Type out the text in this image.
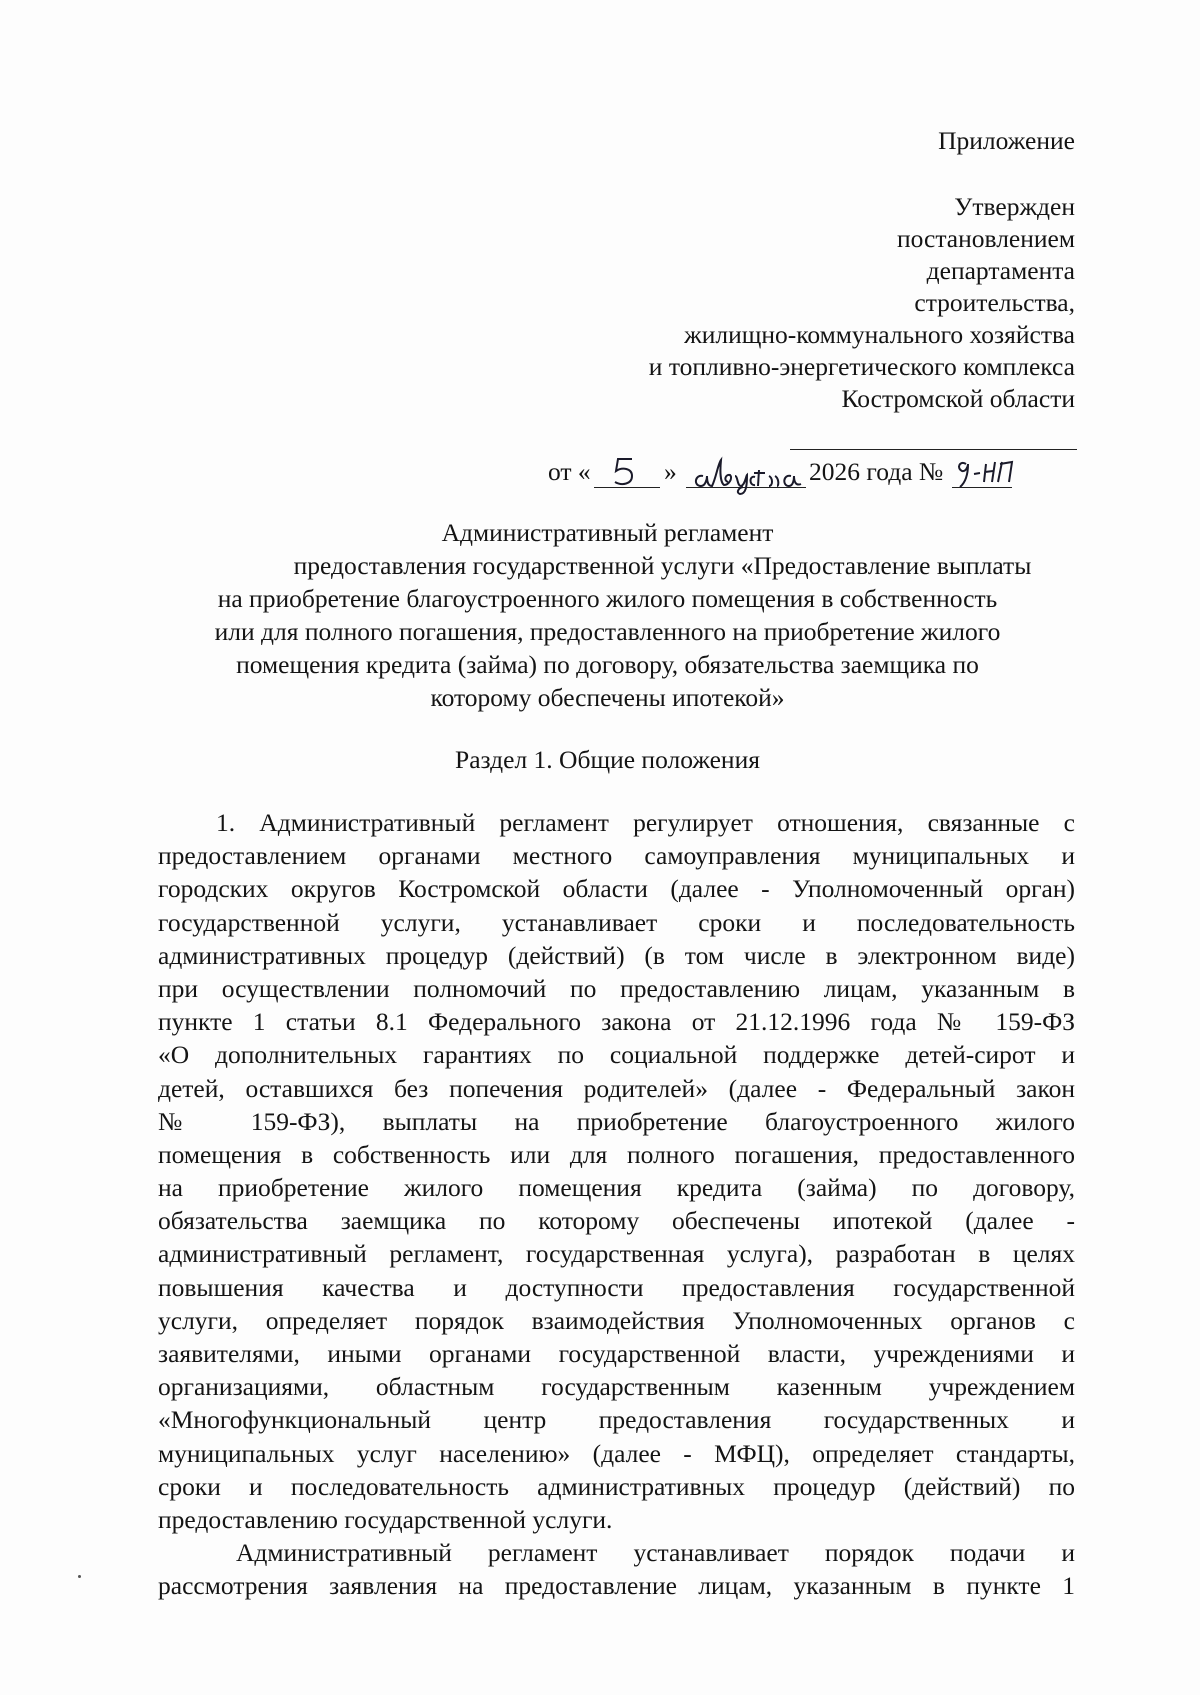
Приложение
Утвержден
постановлением
департамента
строительства,
жилищно-коммунального хозяйства
и топливно-энергетического комплекса
Костромской области
от «	»	2026 года №
Административный регламент
предоставления государственной услуги «Предоставление выплаты
на приобретение благоустроенного жилого помещения в собственность
или для полного погашения, предоставленного на приобретение жилого
помещения кредита (займа) по договору, обязательства заемщика по
которому обеспечены ипотекой»
Раздел 1. Общие положения
1. Административный регламент регулирует отношения, связанные с
предоставлением органами местного самоуправления муниципальных и
городских округов Костромской области (далее - Уполномоченный орган)
государственной услуги, устанавливает сроки и последовательность
административных процедур (действий) (в том числе в электронном виде)
при осуществлении полномочий по предоставлению лицам, указанным в
пункте 1 статьи 8.1 Федерального закона от 21.12.1996 года № 159-ФЗ
«О дополнительных гарантиях по социальной поддержке детей-сирот и
детей, оставшихся без попечения родителей» (далее - Федеральный закон
№ 159-ФЗ), выплаты на приобретение благоустроенного жилого
помещения в собственность или для полного погашения, предоставленного
на приобретение жилого помещения кредита (займа) по договору,
обязательства заемщика по которому обеспечены ипотекой (далее -
административный регламент, государственная услуга), разработан в целях
повышения качества и доступности предоставления государственной
услуги, определяет порядок взаимодействия Уполномоченных органов с
заявителями, иными органами государственной власти, учреждениями и
организациями, областным государственным казенным учреждением
«Многофункциональный центр предоставления государственных и
муниципальных услуг населению» (далее - МФЦ), определяет стандарты,
сроки и последовательность административных процедур (действий) по
предоставлению государственной услуги.
Административный регламент устанавливает порядок подачи и
рассмотрения заявления на предоставление лицам, указанным в пункте 1
